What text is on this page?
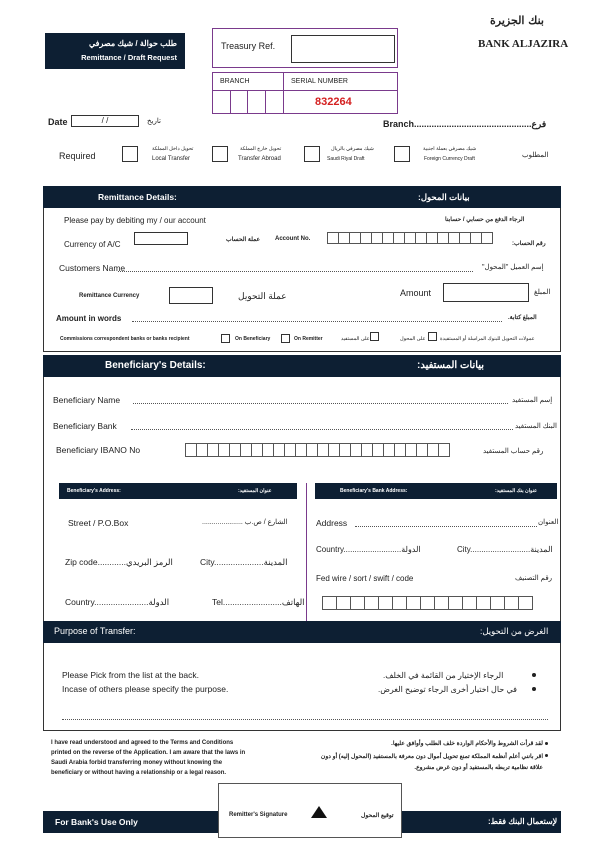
طلب حوالة / شيك مصرفي
Remittance / Draft Request
Treasury Ref.
BRANCH	SERIAL NUMBER
832264
بنك الجزيرة
BANK ALJAZIRA
Date	/ /	تاريخ	Branch...............................................فرع
Required
تحويل داخل المملكة
Local Transfer
تحويل خارج المملكة
Transfer Abroad
شيك مصرفي بالريال
Saudi Riyal Draft
شيك مصرفي بعملة اجنبية
Foreign Currency Draft	المطلوب
Remittance Details:	بيانات المحول:
Please pay by debiting my / our account	الرجاء الدفع من حسابي / حسابنا
Currency of A/C	عملة الحساب Account No.
رقم الحساب:
Customers Name	إسم العميل "المحول"
Remittance Currency	عملة التحويل	Amount	المبلغ
Amount in words	المبلغ كتابة.
Commissions correspondent banks or banks recipient	On Beneficiary	On Remitter	على المستفيد	على المحول	عمولات التحويل للبنوك المراسلة أو المستفيدة
Beneficiary's Details:	بيانات المستفيد:
Beneficiary Name	إسم المستفيد
Beneficiary Bank	البنك المستفيد
Beneficiary IBANO No	رقم حساب المستفيد
Beneficiary's Address:	عنوان المستفيد:
Street / P.O.Box	الشارع / ص.ب .....................
Zip code............الرمز البريدي	City.....................المدينة
Country.......................الدولة	Tel.........................الهاتف
Beneficiary's Bank Address:	عنوان بنك المستفيد:
Address	العنوان
Country..........................الدولة	City...........................المدينة
Fed wire / sort / swift / code	رقم التصنيف
Purpose of Transfer:	الغرض من التحويل:
Please Pick from the list at the back.
Incase of others please specify the purpose.
الرجاء الإختيار من القائمة في الخلف.
في حال اختيار أخرى الرجاء توضيح الغرض.
I have read understood and agreed to the Terms and Conditions printed on the reverse of the Application. I am aware that the laws in Saudi Arabia forbid transferring money without knowing the beneficiary or without having a relationship or a legal reason.
لقد قرأت الشروط والأحكام الواردة خلف الطلب وأوافق عليها.
اقر بانني أعلم أنظمة المملكة تمنع تحويل أموال دون معرفة بالمستفيد (المحول إليه) أو دون علاقة نظامية تربطه بالمستفيد أو دون غرض مشروع.
For Bank's Use Only	لإستعمال البنك فقط:
Remitter's Signature	توقيع المحول
